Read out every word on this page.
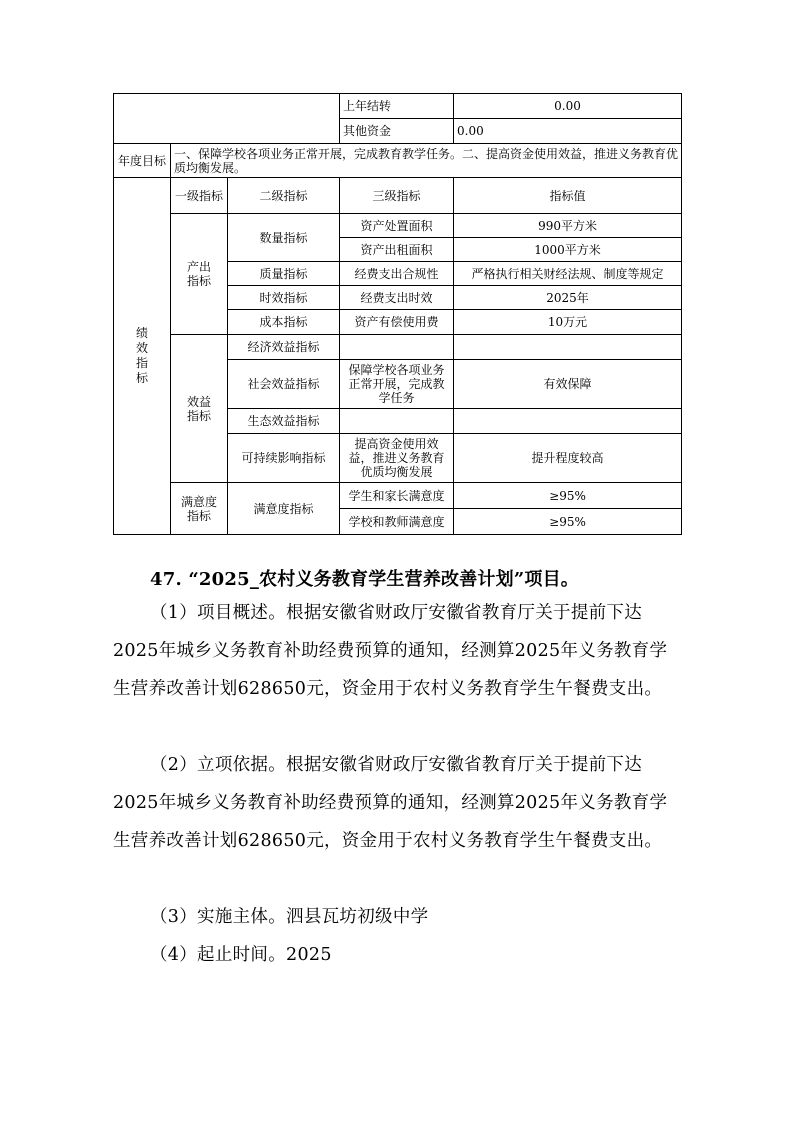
			上年结转	0.00
			其他资金	0.00
年度目标	一、保障学校各项业务正常开展，完成教育教学任务。二、提高资金使用效益，推进义务教育优质均衡发展。			

绩效指标	一级指标	二级指标	三级指标	指标值

	产出指标	数量指标	资产处置面积	990平方米
			资产出租面积	1000平方米
		质量指标	经费支出合规性	严格执行相关财经法规、制度等规定
		时效指标	经费支出时效	2025年
		成本指标	资产有偿使用费	10万元

	效益指标	经济效益指标		
		社会效益指标	保障学校各项业务正常开展，完成教学任务	有效保障
		生态效益指标		
		可持续影响指标	提高资金使用效益，推进义务教育优质均衡发展	提升程度较高

	满意度指标	满意度指标	学生和家长满意度	≥95%
			学校和教师满意度	≥95%
47. “2025_农村义务教育学生营养改善计划”项目。

（1）项目概述。根据安徽省财政厅安徽省教育厅关于提前下达2025年城乡义务教育补助经费预算的通知，经测算2025年义务教育学生营养改善计划628650元，资金用于农村义务教育学生午餐费支出。

（2）立项依据。根据安徽省财政厅安徽省教育厅关于提前下达2025年城乡义务教育补助经费预算的通知，经测算2025年义务教育学生营养改善计划628650元，资金用于农村义务教育学生午餐费支出。

（3）实施主体。泗县瓦坊初级中学

（4）起止时间。2025
